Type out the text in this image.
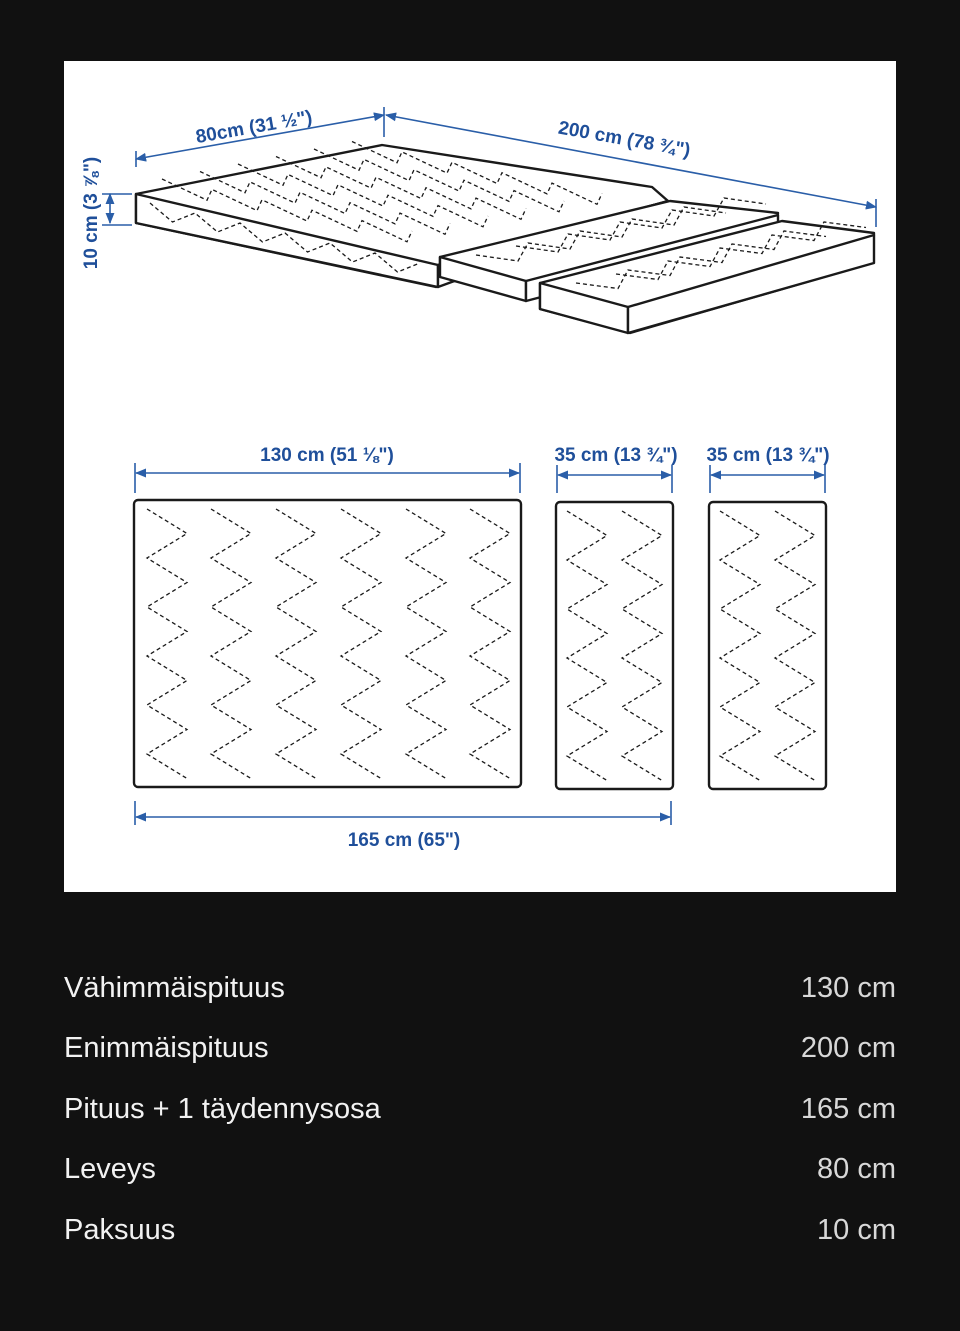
80cm (31 ½")	200 cm (78 ¾")
10 cm (3 ⅞")
130 cm (51 ⅛")	35 cm (13 ¾") 35 cm (13 ¾")
165 cm (65")
Vähimmäispituus	130 cm
Enimmäispituus	200 cm
Pituus + 1 täydennysosa	165 cm
Leveys	80 cm
Paksuus	10 cm
